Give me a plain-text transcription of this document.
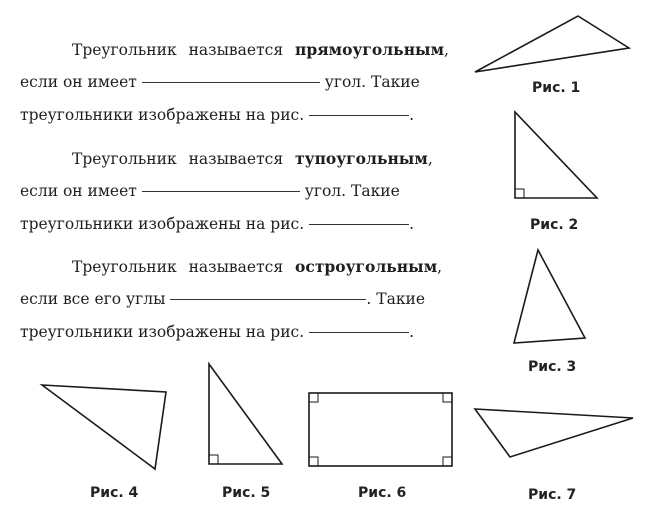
Треугольник называется прямоугольным,
если он имеет	угол. Такие
треугольники изображены на рис.	.
Треугольник называется тупоугольным,
если он имеет	угол. Такие
треугольники изображены на рис.	.
Треугольник называется остроугольным,
если все его углы	. Такие
треугольники изображены на рис.	.
Рис. 1
Рис. 2
Рис. 3
Рис. 4	Рис. 5	Рис. 6	Рис. 7
